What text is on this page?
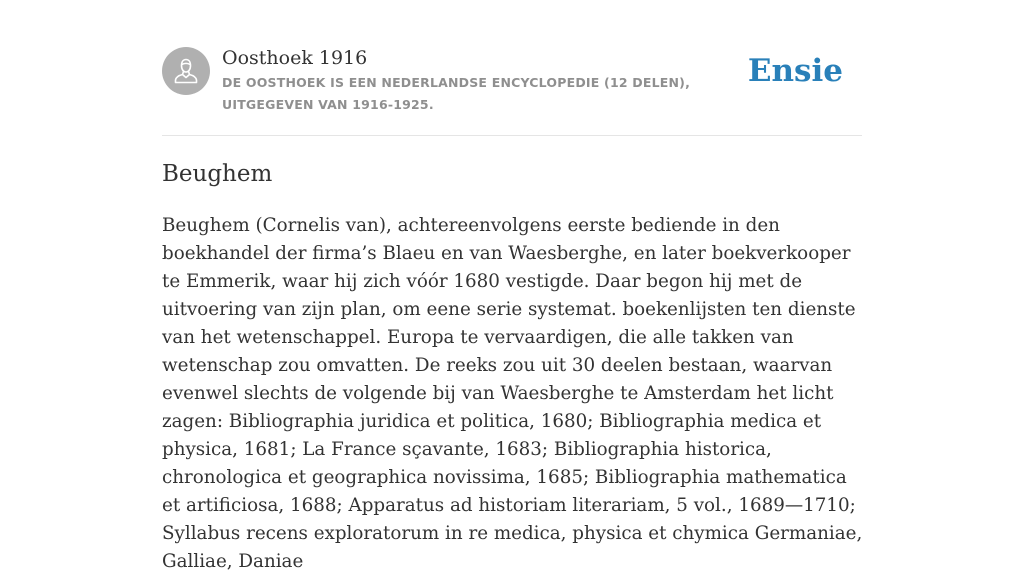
Oosthoek 1916
DE OOSTHOEK IS EEN NEDERLANDSE ENCYCLOPEDIE (12 DELEN), UITGEGEVEN VAN 1916-1925.
Ensie
Beughem

Beughem (Cornelis van), achtereenvolgens eerste bediende in den boekhandel der firma’s Blaeu en van Waesberghe, en later boekverkooper te Emmerik, waar hij zich vóór 1680 vestigde. Daar begon hij met de uitvoering van zijn plan, om eene serie systemat. boekenlijsten ten dienste van het wetenschappel. Europa te vervaardigen, die alle takken van wetenschap zou omvatten. De reeks zou uit 30 deelen bestaan, waarvan evenwel slechts de volgende bij van Waesberghe te Amsterdam het licht zagen: Bibliographia juridica et politica, 1680; Bibliographia medica et physica, 1681; La France sçavante, 1683; Bibliographia historica, chronologica et geographica novissima, 1685; Bibliographia mathematica et artificiosa, 1688; Apparatus ad historiam literariam, 5 vol., 1689—1710; Syllabus recens exploratorum in re medica, physica et chymica Germaniae, Galliae, Daniae
